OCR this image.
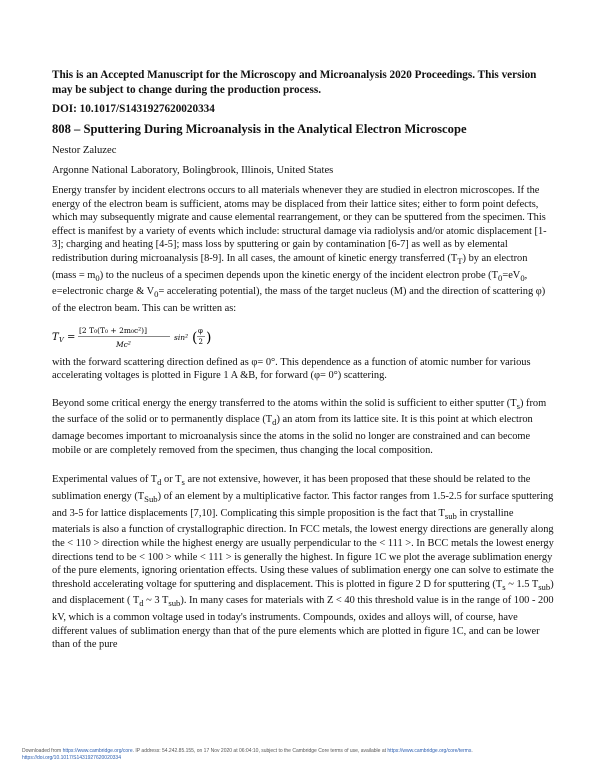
This is an Accepted Manuscript for the Microscopy and Microanalysis 2020 Proceedings. This version may be subject to change during the production process.
DOI: 10.1017/S1431927620020334
808 – Sputtering During Microanalysis in the Analytical Electron Microscope
Nestor Zaluzec
Argonne National Laboratory, Bolingbrook, Illinois, United States
Energy transfer by incident electrons occurs to all materials whenever they are studied in electron microscopes. If the energy of the electron beam is sufficient, atoms may be displaced from their lattice sites; either to form point defects, which may subsequently migrate and cause elemental rearrangement, or they can be sputtered from the specimen. This effect is manifest by a variety of events which include: structural damage via radiolysis and/or atomic displacement [1-3]; charging and heating [4-5]; mass loss by sputtering or gain by contamination [6-7] as well as by elemental redistribution during microanalysis [8-9]. In all cases, the amount of kinetic energy transferred $(T_T)$ by an electron (mass = $m_0$) to the nucleus of a specimen depends upon the kinetic energy of the incident electron probe ($T_0=eV_0$, e=electronic charge & $V_0=$ accelerating potential), the mass of the target nucleus (M) and the direction of scattering φ) of the electron beam. This can be written as:
T V =
[2 T₀(T₀ + 2m₀c²)]
Mc²
sin² ( φ
2 )
with the forward scattering direction defined as φ= 0°. This dependence as a function of atomic number for various accelerating voltages is plotted in Figure 1 A &B, for forward (φ= 0°) scattering.
Beyond some critical energy the energy transferred to the atoms within the solid is sufficient to either sputter $(T_s)$ from the surface of the solid or to permanently displace $(T_d)$ an atom from its lattice site. It is this point at which electron damage becomes important to microanalysis since the atoms in the solid no longer are constrained and can become mobile or are completely removed from the specimen, thus changing the local composition.
Experimental values of $T_d$ or $T_s$ are not extensive, however, it has been proposed that these should be related to the sublimation energy $(T_{Sub})$ of an element by a multiplicative factor. This factor ranges from 1.5-2.5 for surface sputtering and 3-5 for lattice displacements [7,10]. Complicating this simple proposition is the fact that $T_{sub}$ in crystalline materials is also a function of crystallographic direction. In FCC metals, the lowest energy directions are generally along the < 110 > direction while the highest energy are usually perpendicular to the < 111 >. In BCC metals the lowest energy directions tend to be < 100 > while < 111 > is generally the highest. In figure 1C we plot the average sublimation energy of the pure elements, ignoring orientation effects. Using these values of sublimation energy one can solve to estimate the threshold accelerating voltage for sputtering and displacement. This is plotted in figure 2 D for sputtering ($T_s$ ~ 1.5 $T_{sub}$) and displacement ( $T_d$ ~ 3 $T_{sub}$). In many cases for materials with Z < 40 this threshold value is in the range of 100 - 200 kV, which is a common voltage used in today's instruments. Compounds, oxides and alloys will, of course, have different values of sublimation energy than that of the pure elements which are plotted in figure 1C, and can be lower than of the pure
Downloaded from https://www.cambridge.org/core. IP address: 54.242.85.155, on 17 Nov 2020 at 06:04:10, subject to the Cambridge Core terms of use, available at https://www.cambridge.org/core/terms.
https://doi.org/10.1017/S1431927620020334
